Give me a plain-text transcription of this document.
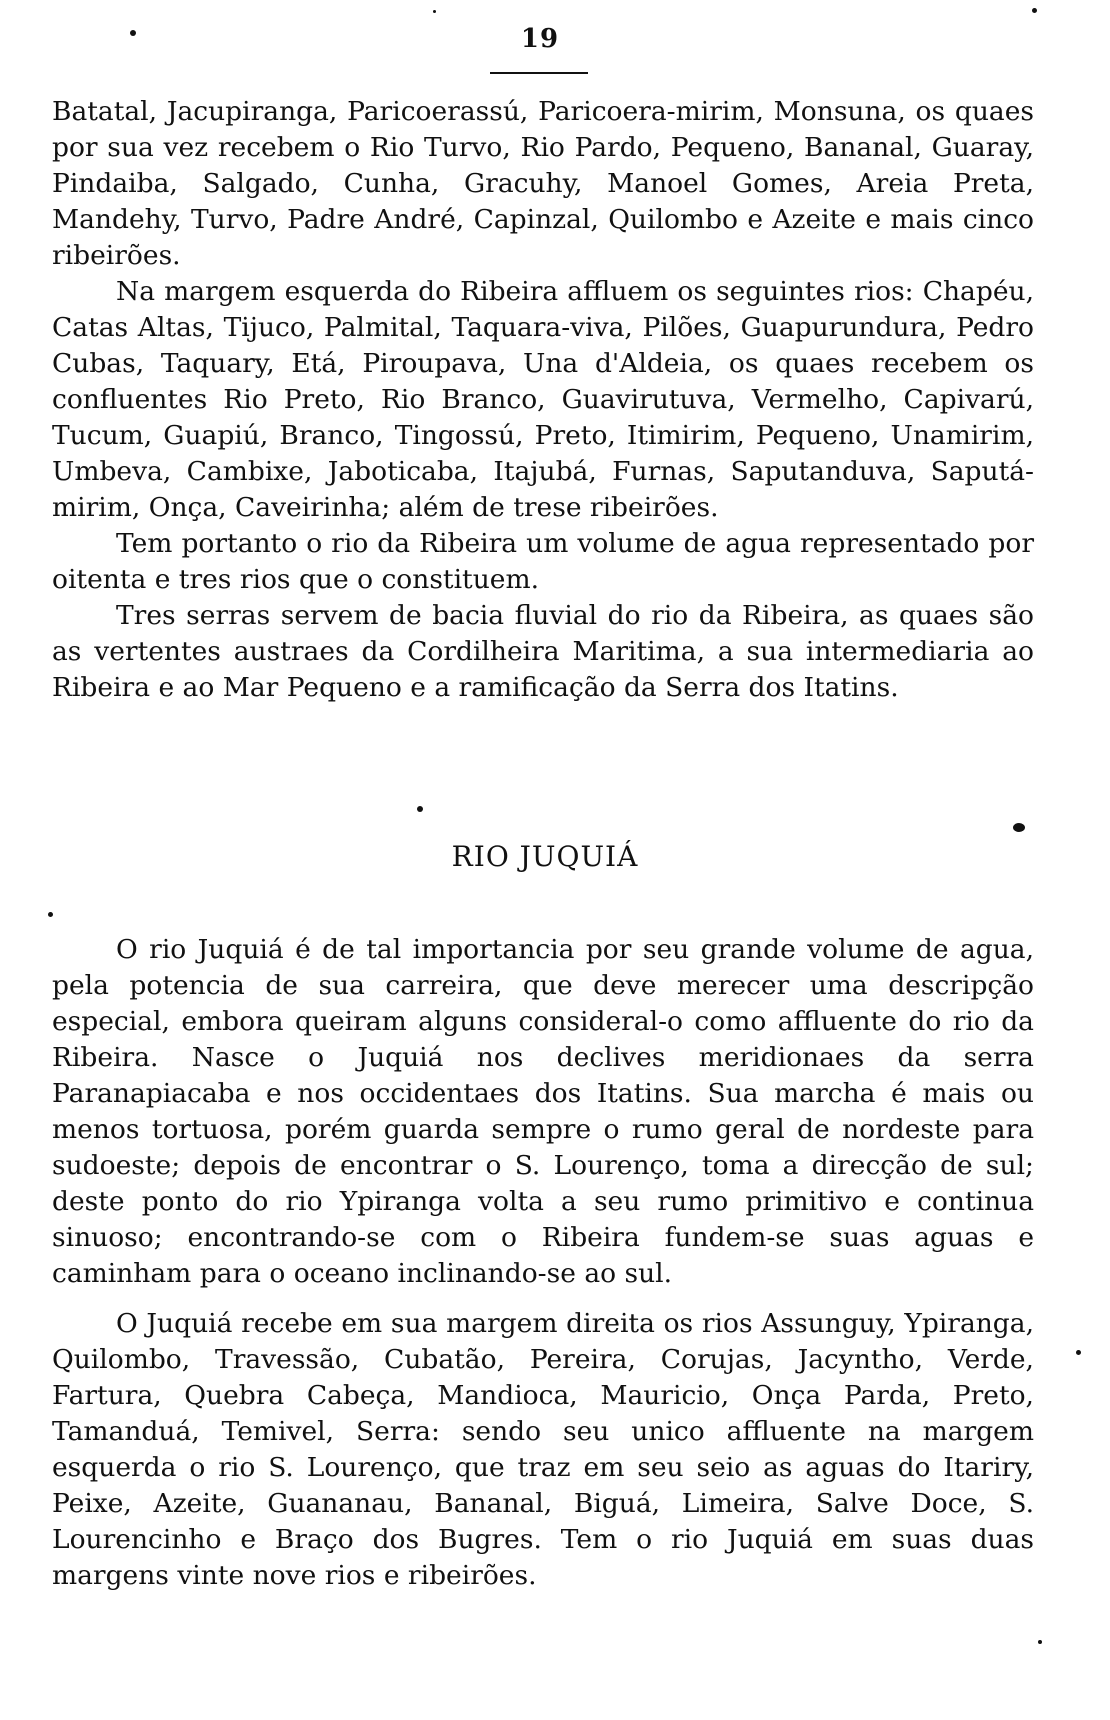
19

Batatal, Jacupiranga, Paricoerassú, Paricoera-mirim, Monsuna, os quaes por sua vez recebem o Rio Turvo, Rio Pardo, Pequeno, Bananal, Guaray, Pindaiba, Salgado, Cunha, Gracuhy, Manoel Gomes, Areia Preta, Mandehy, Turvo, Padre André, Capinzal, Quilombo e Azeite e mais cinco ribeirões.

Na margem esquerda do Ribeira affluem os seguintes rios: Chapéu, Catas Altas, Tijuco, Palmital, Taquara-viva, Pilões, Guapurundura, Pedro Cubas, Taquary, Etá, Piroupava, Una d'Aldeia, os quaes recebem os confluentes Rio Preto, Rio Branco, Guavirutuva, Vermelho, Capivarú, Tucum, Guapiú, Branco, Tingossú, Preto, Itimirim, Pequeno, Unamirim, Umbeva, Cambixe, Jaboticaba, Itajubá, Furnas, Saputanduva, Saputá-mirim, Onça, Caveirinha; além de trese ribeirões.

Tem portanto o rio da Ribeira um volume de agua representado por oitenta e tres rios que o constituem.

Tres serras servem de bacia fluvial do rio da Ribeira, as quaes são as vertentes austraes da Cordilheira Maritima, a sua intermediaria ao Ribeira e ao Mar Pequeno e a ramificação da Serra dos Itatins.

RIO JUQUIÁ

O rio Juquiá é de tal importancia por seu grande volume de agua, pela potencia de sua carreira, que deve merecer uma descripção especial, embora queiram alguns consideral-o como affluente do rio da Ribeira. Nasce o Juquiá nos declives meridionaes da serra Paranapiacaba e nos occidentaes dos Itatins. Sua marcha é mais ou menos tortuosa, porém guarda sempre o rumo geral de nordeste para sudoeste; depois de encontrar o S. Lourenço, toma a direcção de sul; deste ponto do rio Ypiranga volta a seu rumo primitivo e continua sinuoso; encontrando-se com o Ribeira fundem-se suas aguas e caminham para o oceano inclinando-se ao sul.

O Juquiá recebe em sua margem direita os rios Assunguy, Ypiranga, Quilombo, Travessão, Cubatão, Pereira, Corujas, Jacyntho, Verde, Fartura, Quebra Cabeça, Mandioca, Mauricio, Onça Parda, Preto, Tamanduá, Temivel, Serra: sendo seu unico affluente na margem esquerda o rio S. Lourenço, que traz em seu seio as aguas do Itariry, Peixe, Azeite, Guananau, Bananal, Biguá, Limeira, Salve Doce, S. Lourencinho e Braço dos Bugres. Tem o rio Juquiá em suas duas margens vinte nove rios e ribeirões.
